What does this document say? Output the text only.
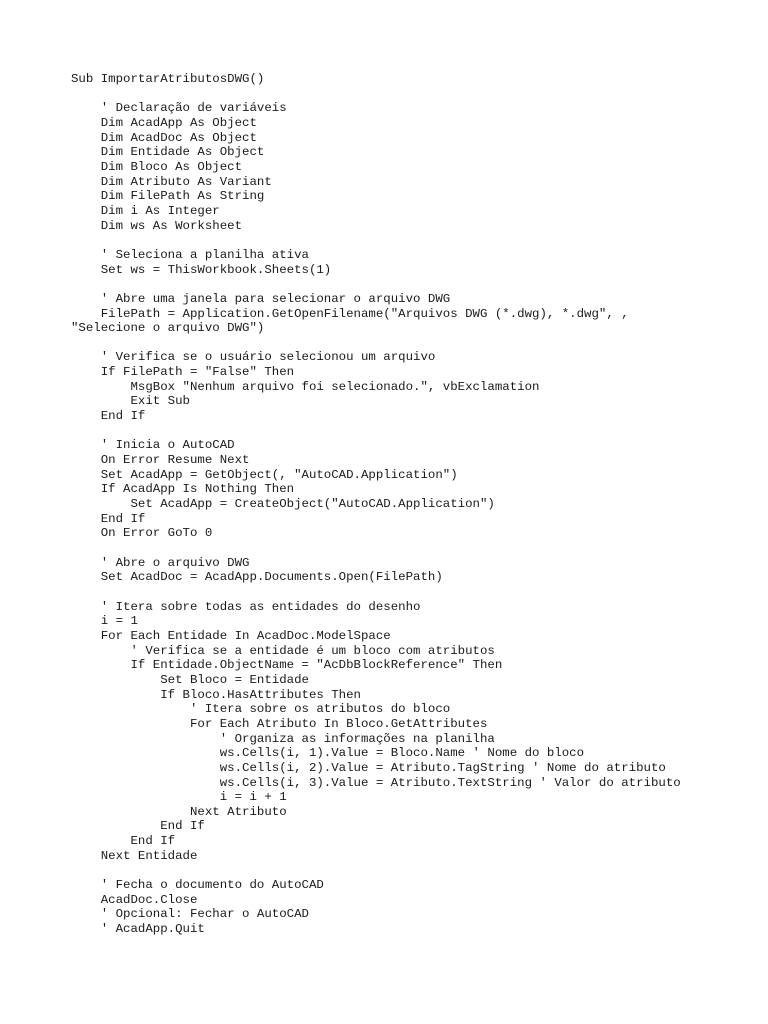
Sub ImportarAtributosDWG()
' Declaração de variáveis
Dim AcadApp As Object
Dim AcadDoc As Object
Dim Entidade As Object
Dim Bloco As Object
Dim Atributo As Variant
Dim FilePath As String
Dim i As Integer
Dim ws As Worksheet
' Seleciona a planilha ativa
Set ws = ThisWorkbook.Sheets(1)
' Abre uma janela para selecionar o arquivo DWG
FilePath = Application.GetOpenFilename("Arquivos DWG (*.dwg), *.dwg", ,
"Selecione o arquivo DWG")
' Verifica se o usuário selecionou um arquivo
If FilePath = "False" Then
MsgBox "Nenhum arquivo foi selecionado.", vbExclamation
Exit Sub
End If
' Inicia o AutoCAD
On Error Resume Next
Set AcadApp = GetObject(, "AutoCAD.Application")
If AcadApp Is Nothing Then
Set AcadApp = CreateObject("AutoCAD.Application")
End If
On Error GoTo 0
' Abre o arquivo DWG
Set AcadDoc = AcadApp.Documents.Open(FilePath)
' Itera sobre todas as entidades do desenho
i = 1
For Each Entidade In AcadDoc.ModelSpace
' Verifica se a entidade é um bloco com atributos
If Entidade.ObjectName = "AcDbBlockReference" Then
Set Bloco = Entidade
If Bloco.HasAttributes Then
' Itera sobre os atributos do bloco
For Each Atributo In Bloco.GetAttributes
' Organiza as informações na planilha
ws.Cells(i, 1).Value = Bloco.Name ' Nome do bloco
ws.Cells(i, 2).Value = Atributo.TagString ' Nome do atributo
ws.Cells(i, 3).Value = Atributo.TextString ' Valor do atributo
i = i + 1
Next Atributo
End If
End If
Next Entidade
' Fecha o documento do AutoCAD
AcadDoc.Close
' Opcional: Fechar o AutoCAD
' AcadApp.Quit
